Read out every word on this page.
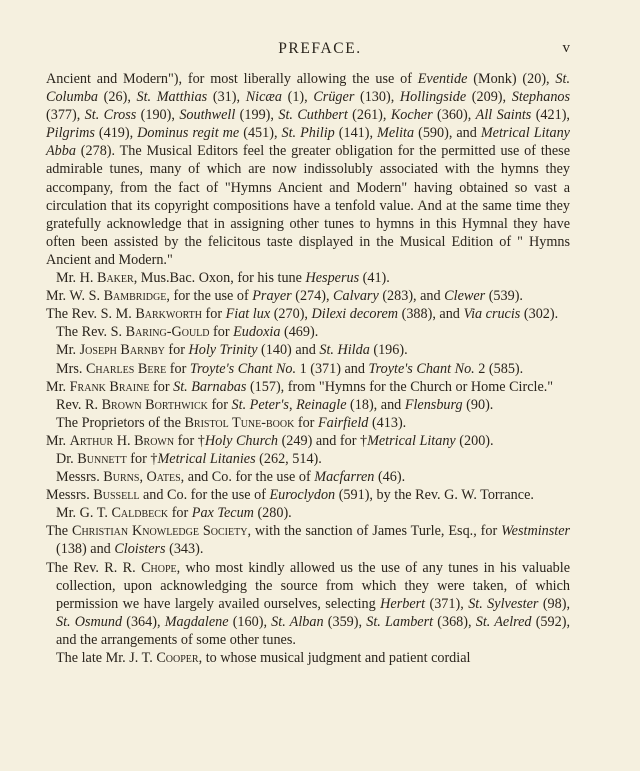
PREFACE.	v

Ancient and Modern"), for most liberally allowing the use of Eventide (Monk) (20), St. Columba (26), St. Matthias (31), Nicæa (1), Crüger (130), Hollingside (209), Stephanos (377), St. Cross (190), Southwell (199), St. Cuthbert (261), Kocher (360), All Saints (421), Pilgrims (419), Dominus regit me (451), St. Philip (141), Melita (590), and Metrical Litany Abba (278). The Musical Editors feel the greater obligation for the permitted use of these admirable tunes, many of which are now indissolubly associated with the hymns they accompany, from the fact of "Hymns Ancient and Modern" having obtained so vast a circulation that its copyright compositions have a tenfold value. And at the same time they gratefully acknowledge that in assigning other tunes to hymns in this Hymnal they have often been assisted by the felicitous taste displayed in the Musical Edition of " Hymns Ancient and Modern."

Mr. H. Baker, Mus.Bac. Oxon, for his tune Hesperus (41).

Mr. W. S. Bambridge, for the use of Prayer (274), Calvary (283), and Clewer (539).

The Rev. S. M. Barkworth for Fiat lux (270), Dilexi decorem (388), and Via crucis (302).

The Rev. S. Baring-Gould for Eudoxia (469).

Mr. Joseph Barnby for Holy Trinity (140) and St. Hilda (196).

Mrs. Charles Bere for Troyte's Chant No. 1 (371) and Troyte's Chant No. 2 (585).

Mr. Frank Braine for St. Barnabas (157), from "Hymns for the Church or Home Circle."

Rev. R. Brown Borthwick for St. Peter's, Reinagle (18), and Flensburg (90).

The Proprietors of the Bristol Tune-book for Fairfield (413).

Mr. Arthur H. Brown for †Holy Church (249) and for †Metrical Litany (200).

Dr. Bunnett for †Metrical Litanies (262, 514).

Messrs. Burns, Oates, and Co. for the use of Macfarren (46).

Messrs. Bussell and Co. for the use of Euroclydon (591), by the Rev. G. W. Torrance.

Mr. G. T. Caldbeck for Pax Tecum (280).

The Christian Knowledge Society, with the sanction of James Turle, Esq., for Westminster (138) and Cloisters (343).

The Rev. R. R. Chope, who most kindly allowed us the use of any tunes in his valuable collection, upon acknowledging the source from which they were taken, of which permission we have largely availed ourselves, selecting Herbert (371), St. Sylvester (98), St. Osmund (364), Magdalene (160), St. Alban (359), St. Lambert (368), St. Aelred (592), and the arrangements of some other tunes.

The late Mr. J. T. Cooper, to whose musical judgment and patient cordial
